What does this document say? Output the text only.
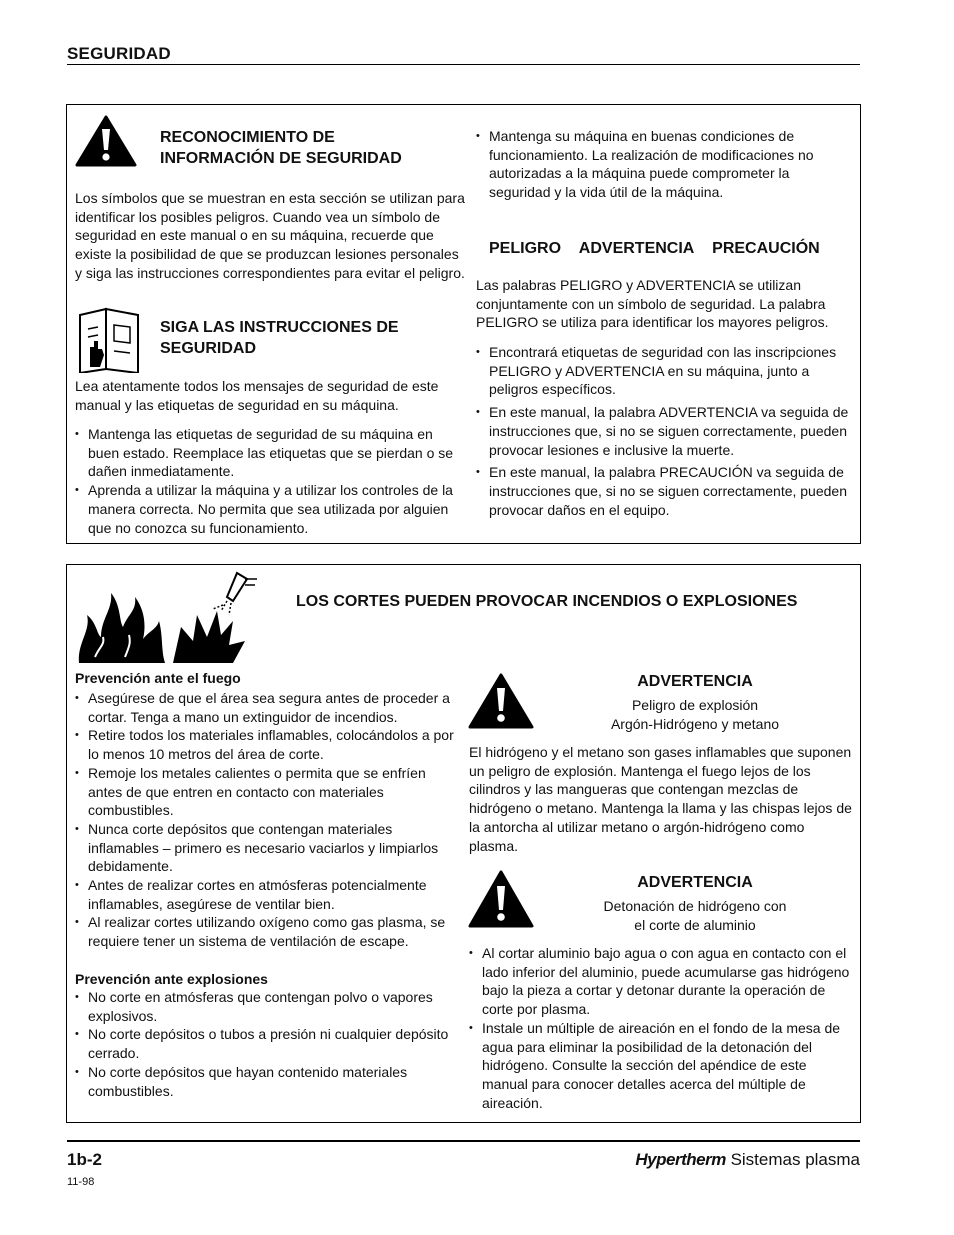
SEGURIDAD
RECONOCIMIENTO DE
INFORMACIÓN DE SEGURIDAD
Los símbolos que se muestran en esta sección se utilizan para identificar los posibles peligros. Cuando vea un símbolo de seguridad en este manual o en su máquina, recuerde que existe la posibilidad de que se produzcan lesiones personales y siga las instrucciones correspondientes para evitar el peligro.
SIGA LAS INSTRUCCIONES DE
SEGURIDAD
Lea atentamente todos los mensajes de seguridad de este manual y las etiquetas de seguridad en su máquina.
• Mantenga las etiquetas de seguridad de su máquina en buen estado. Reemplace las etiquetas que se pierdan o se dañen inmediatamente.
• Aprenda a utilizar la máquina y a utilizar los controles de la manera correcta. No permita que sea utilizada por alguien que no conozca su funcionamiento.
• Mantenga su máquina en buenas condiciones de funcionamiento. La realización de modificaciones no autorizadas a la máquina puede comprometer la seguridad y la vida útil de la máquina.
PELIGRO ADVERTENCIA PRECAUCIÓN
Las palabras PELIGRO y ADVERTENCIA se utilizan conjuntamente con un símbolo de seguridad. La palabra PELIGRO se utiliza para identificar los mayores peligros.
• Encontrará etiquetas de seguridad con las inscripciones PELIGRO y ADVERTENCIA en su máquina, junto a peligros específicos.
• En este manual, la palabra ADVERTENCIA va seguida de instrucciones que, si no se siguen correctamente, pueden provocar lesiones e inclusive la muerte.
• En este manual, la palabra PRECAUCIÓN va seguida de instrucciones que, si no se siguen correctamente, pueden provocar daños en el equipo.
LOS CORTES PUEDEN PROVOCAR INCENDIOS O EXPLOSIONES
Prevención ante el fuego
• Asegúrese de que el área sea segura antes de proceder a cortar. Tenga a mano un extinguidor de incendios.
• Retire todos los materiales inflamables, colocándolos a por lo menos 10 metros del área de corte.
• Remoje los metales calientes o permita que se enfríen antes de que entren en contacto con materiales combustibles.
• Nunca corte depósitos que contengan materiales inflamables – primero es necesario vaciarlos y limpiarlos debidamente.
• Antes de realizar cortes en atmósferas potencialmente inflamables, asegúrese de ventilar bien.
• Al realizar cortes utilizando oxígeno como gas plasma, se requiere tener un sistema de ventilación de escape.
Prevención ante explosiones
• No corte en atmósferas que contengan polvo o vapores explosivos.
• No corte depósitos o tubos a presión ni cualquier depósito cerrado.
• No corte depósitos que hayan contenido materiales combustibles.
ADVERTENCIA
Peligro de explosión
Argón-Hidrógeno y metano
El hidrógeno y el metano son gases inflamables que suponen un peligro de explosión. Mantenga el fuego lejos de los cilindros y las mangueras que contengan mezclas de hidrógeno o metano. Mantenga la llama y las chispas lejos de la antorcha al utilizar metano o argón-hidrógeno como plasma.
ADVERTENCIA
Detonación de hidrógeno con
el corte de aluminio
• Al cortar aluminio bajo agua o con agua en contacto con el lado inferior del aluminio, puede acumularse gas hidrógeno bajo la pieza a cortar y detonar durante la operación de corte por plasma.
• Instale un múltiple de aireación en el fondo de la mesa de agua para eliminar la posibilidad de la detonación del hidrógeno. Consulte la sección del apéndice de este manual para conocer detalles acerca del múltiple de aireación.
1b-2
11-98
Hypertherm Sistemas plasma
